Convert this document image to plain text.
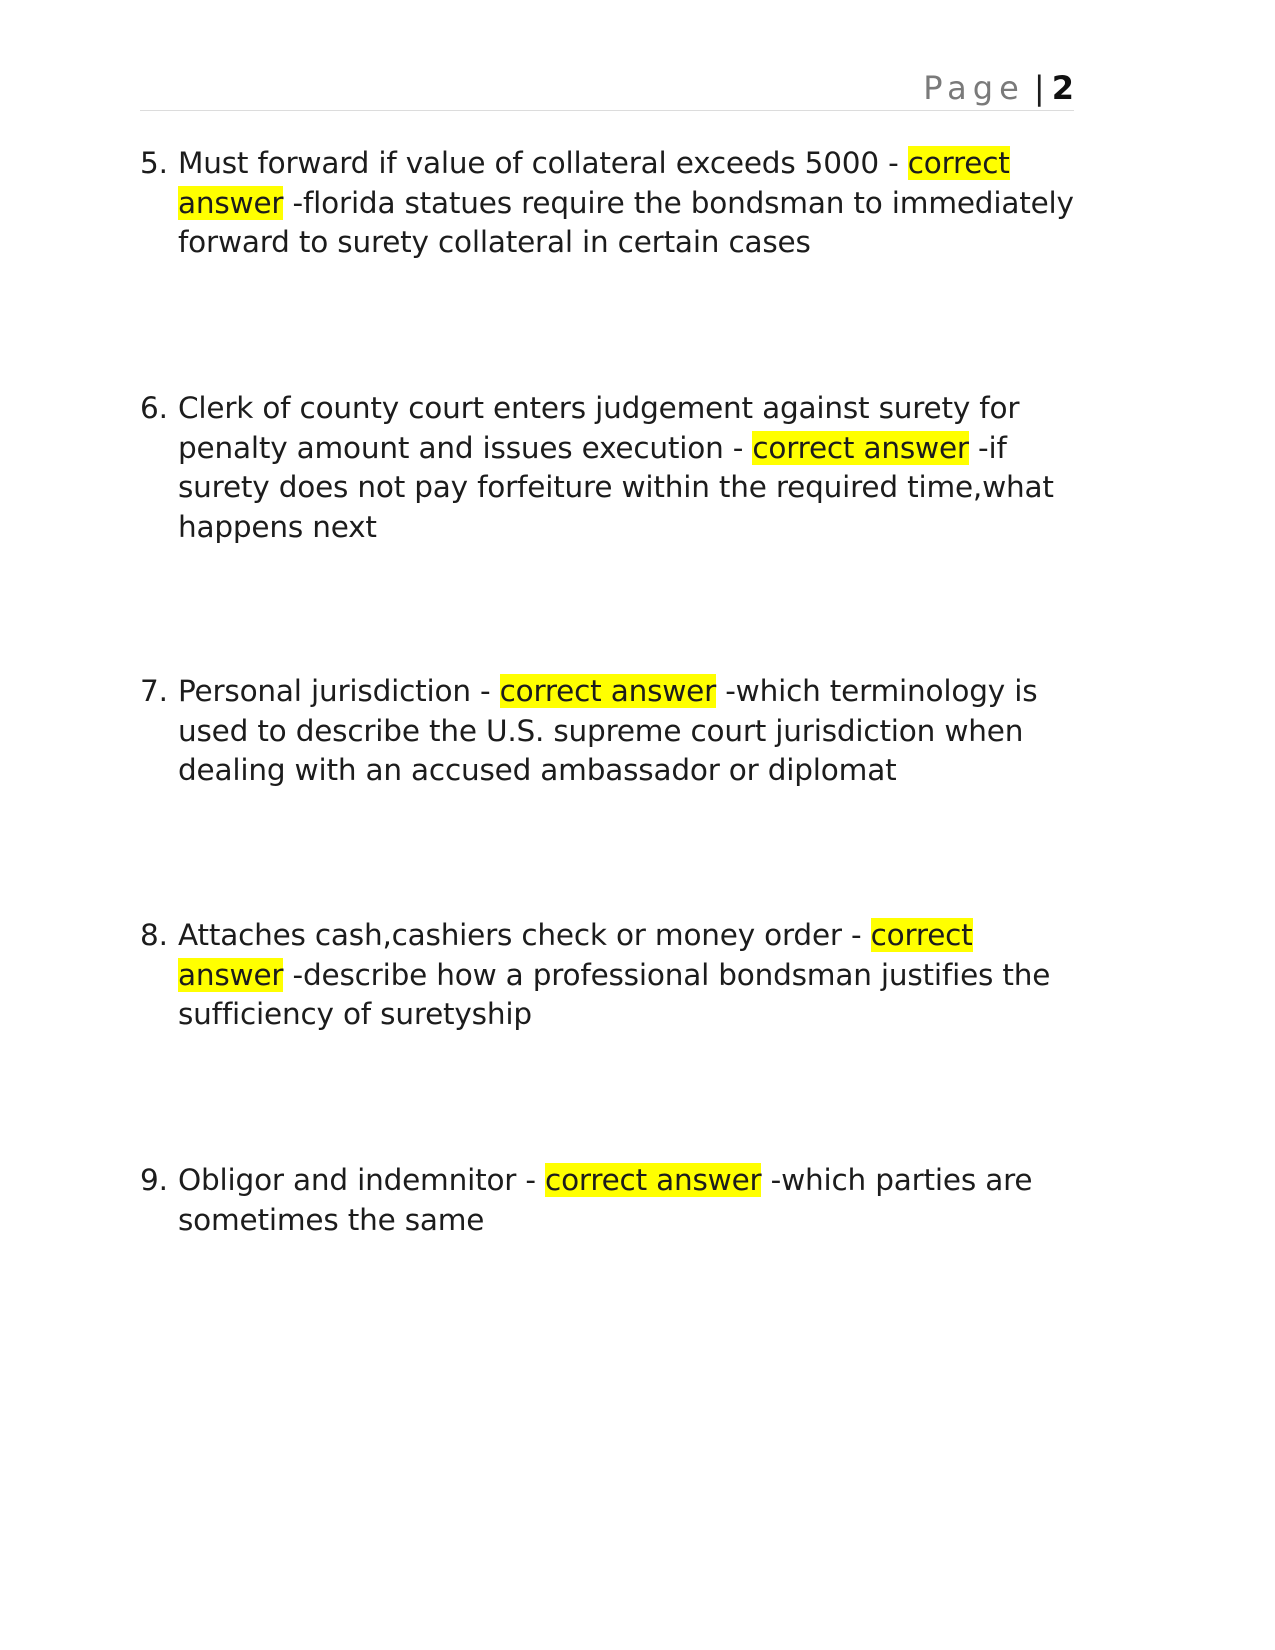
Page | 2
5. Must forward if value of collateral exceeds 5000 - correct answer -florida statues require the bondsman to immediately forward to surety collateral in certain cases
6. Clerk of county court enters judgement against surety for penalty amount and issues execution - correct answer -if surety does not pay forfeiture within the required time,what happens next
7. Personal jurisdiction - correct answer -which terminology is used to describe the U.S. supreme court jurisdiction when dealing with an accused ambassador or diplomat
8. Attaches cash,cashiers check or money order - correct answer -describe how a professional bondsman justifies the sufficiency of suretyship
9. Obligor and indemnitor - correct answer -which parties are sometimes the same
